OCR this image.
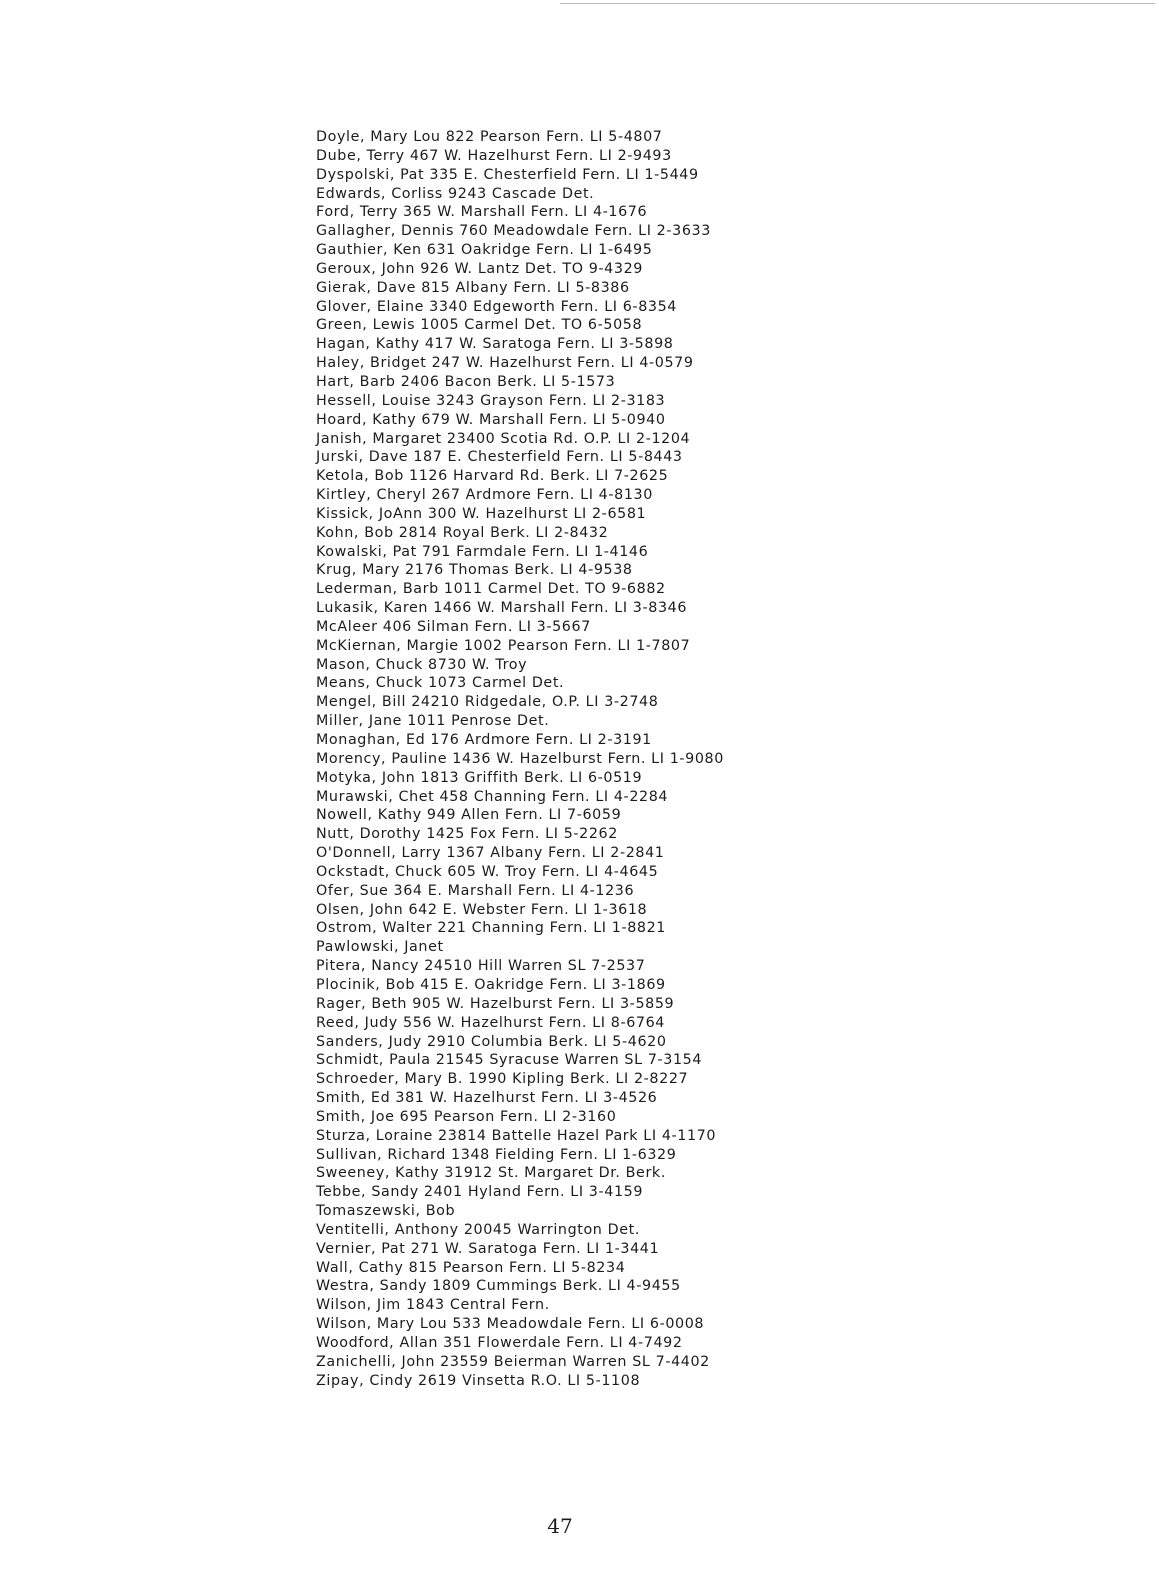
Doyle, Mary Lou 822 Pearson Fern. LI 5-4807
Dube, Terry 467 W. Hazelhurst Fern. LI 2-9493
Dyspolski, Pat 335 E. Chesterfield Fern. LI 1-5449
Edwards, Corliss 9243 Cascade Det.
Ford, Terry 365 W. Marshall Fern. LI 4-1676
Gallagher, Dennis 760 Meadowdale Fern. LI 2-3633
Gauthier, Ken 631 Oakridge Fern. LI 1-6495
Geroux, John 926 W. Lantz Det. TO 9-4329
Gierak, Dave 815 Albany Fern. LI 5-8386
Glover, Elaine 3340 Edgeworth Fern. LI 6-8354
Green, Lewis 1005 Carmel Det. TO 6-5058
Hagan, Kathy 417 W. Saratoga Fern. LI 3-5898
Haley, Bridget 247 W. Hazelhurst Fern. LI 4-0579
Hart, Barb 2406 Bacon Berk. LI 5-1573
Hessell, Louise 3243 Grayson Fern. LI 2-3183
Hoard, Kathy 679 W. Marshall Fern. LI 5-0940
Janish, Margaret 23400 Scotia Rd. O.P. LI 2-1204
Jurski, Dave 187 E. Chesterfield Fern. LI 5-8443
Ketola, Bob 1126 Harvard Rd. Berk. LI 7-2625
Kirtley, Cheryl 267 Ardmore Fern. LI 4-8130
Kissick, JoAnn 300 W. Hazelhurst LI 2-6581
Kohn, Bob 2814 Royal Berk. LI 2-8432
Kowalski, Pat 791 Farmdale Fern. LI 1-4146
Krug, Mary 2176 Thomas Berk. LI 4-9538
Lederman, Barb 1011 Carmel Det. TO 9-6882
Lukasik, Karen 1466 W. Marshall Fern. LI 3-8346
McAleer 406 Silman Fern. LI 3-5667
McKiernan, Margie 1002 Pearson Fern. LI 1-7807
Mason, Chuck 8730 W. Troy
Means, Chuck 1073 Carmel Det.
Mengel, Bill 24210 Ridgedale, O.P. LI 3-2748
Miller, Jane 1011 Penrose Det.
Monaghan, Ed 176 Ardmore Fern. LI 2-3191
Morency, Pauline 1436 W. Hazelburst Fern. LI 1-9080
Motyka, John 1813 Griffith Berk. LI 6-0519
Murawski, Chet 458 Channing Fern. LI 4-2284
Nowell, Kathy 949 Allen Fern. LI 7-6059
Nutt, Dorothy 1425 Fox Fern. LI 5-2262
O'Donnell, Larry 1367 Albany Fern. LI 2-2841
Ockstadt, Chuck 605 W. Troy Fern. LI 4-4645
Ofer, Sue 364 E. Marshall Fern. LI 4-1236
Olsen, John 642 E. Webster Fern. LI 1-3618
Ostrom, Walter 221 Channing Fern. LI 1-8821
Pawlowski, Janet
Pitera, Nancy 24510 Hill Warren SL 7-2537
Plocinik, Bob 415 E. Oakridge Fern. LI 3-1869
Rager, Beth 905 W. Hazelburst Fern. LI 3-5859
Reed, Judy 556 W. Hazelhurst Fern. LI 8-6764
Sanders, Judy 2910 Columbia Berk. LI 5-4620
Schmidt, Paula 21545 Syracuse Warren SL 7-3154
Schroeder, Mary B. 1990 Kipling Berk. LI 2-8227
Smith, Ed 381 W. Hazelhurst Fern. LI 3-4526
Smith, Joe 695 Pearson Fern. LI 2-3160
Sturza, Loraine 23814 Battelle Hazel Park LI 4-1170
Sullivan, Richard 1348 Fielding Fern. LI 1-6329
Sweeney, Kathy 31912 St. Margaret Dr. Berk.
Tebbe, Sandy 2401 Hyland Fern. LI 3-4159
Tomaszewski, Bob
Ventitelli, Anthony 20045 Warrington Det.
Vernier, Pat 271 W. Saratoga Fern. LI 1-3441
Wall, Cathy 815 Pearson Fern. LI 5-8234
Westra, Sandy 1809 Cummings Berk. LI 4-9455
Wilson, Jim 1843 Central Fern.
Wilson, Mary Lou 533 Meadowdale Fern. LI 6-0008
Woodford, Allan 351 Flowerdale Fern. LI 4-7492
Zanichelli, John 23559 Beierman Warren SL 7-4402
Zipay, Cindy 2619 Vinsetta R.O. LI 5-1108
47
